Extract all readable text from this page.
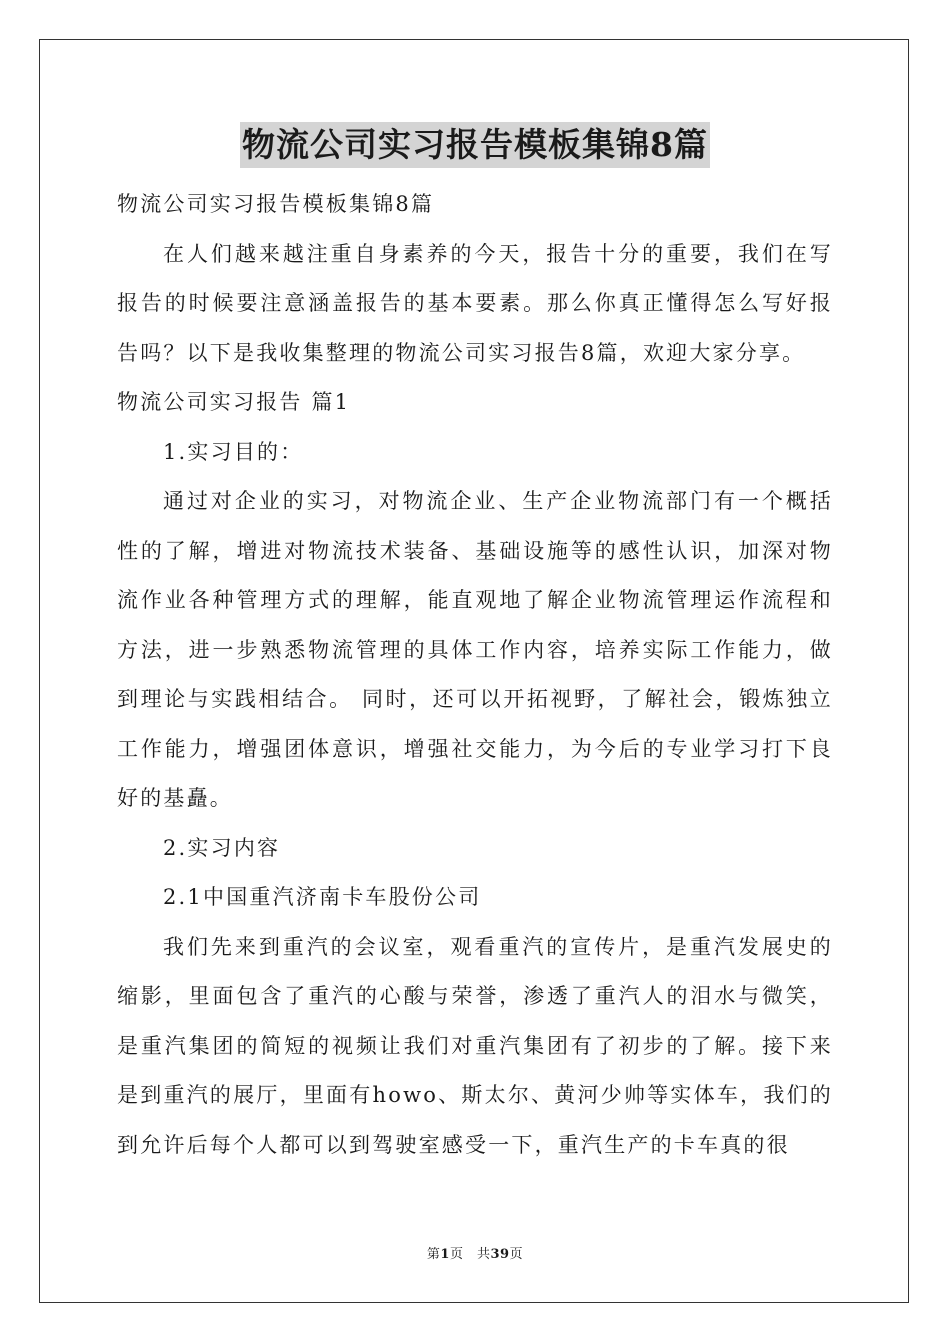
物流公司实习报告模板集锦8篇

物流公司实习报告模板集锦8篇

在人们越来越注重自身素养的今天，报告十分的重要，我们在写报告的时候要注意涵盖报告的基本要素。那么你真正懂得怎么写好报告吗？以下是我收集整理的物流公司实习报告8篇，欢迎大家分享。

物流公司实习报告 篇1

1.实习目的：

通过对企业的实习，对物流企业、生产企业物流部门有一个概括性的了解，增进对物流技术装备、基础设施等的感性认识，加深对物流作业各种管理方式的理解，能直观地了解企业物流管理运作流程和方法，进一步熟悉物流管理的具体工作内容，培养实际工作能力，做到理论与实践相结合。 同时，还可以开拓视野，了解社会，锻炼独立工作能力，增强团体意识，增强社交能力，为今后的专业学习打下良好的基矗。

2.实习内容

2.1中国重汽济南卡车股份公司

我们先来到重汽的会议室，观看重汽的宣传片，是重汽发展史的缩影，里面包含了重汽的心酸与荣誉，渗透了重汽人的泪水与微笑，是重汽集团的简短的视频让我们对重汽集团有了初步的了解。接下来是到重汽的展厅，里面有howo、斯太尔、黄河少帅等实体车，我们的到允许后每个人都可以到驾驶室感受一下，重汽生产的卡车真的很

第1页　共39页
